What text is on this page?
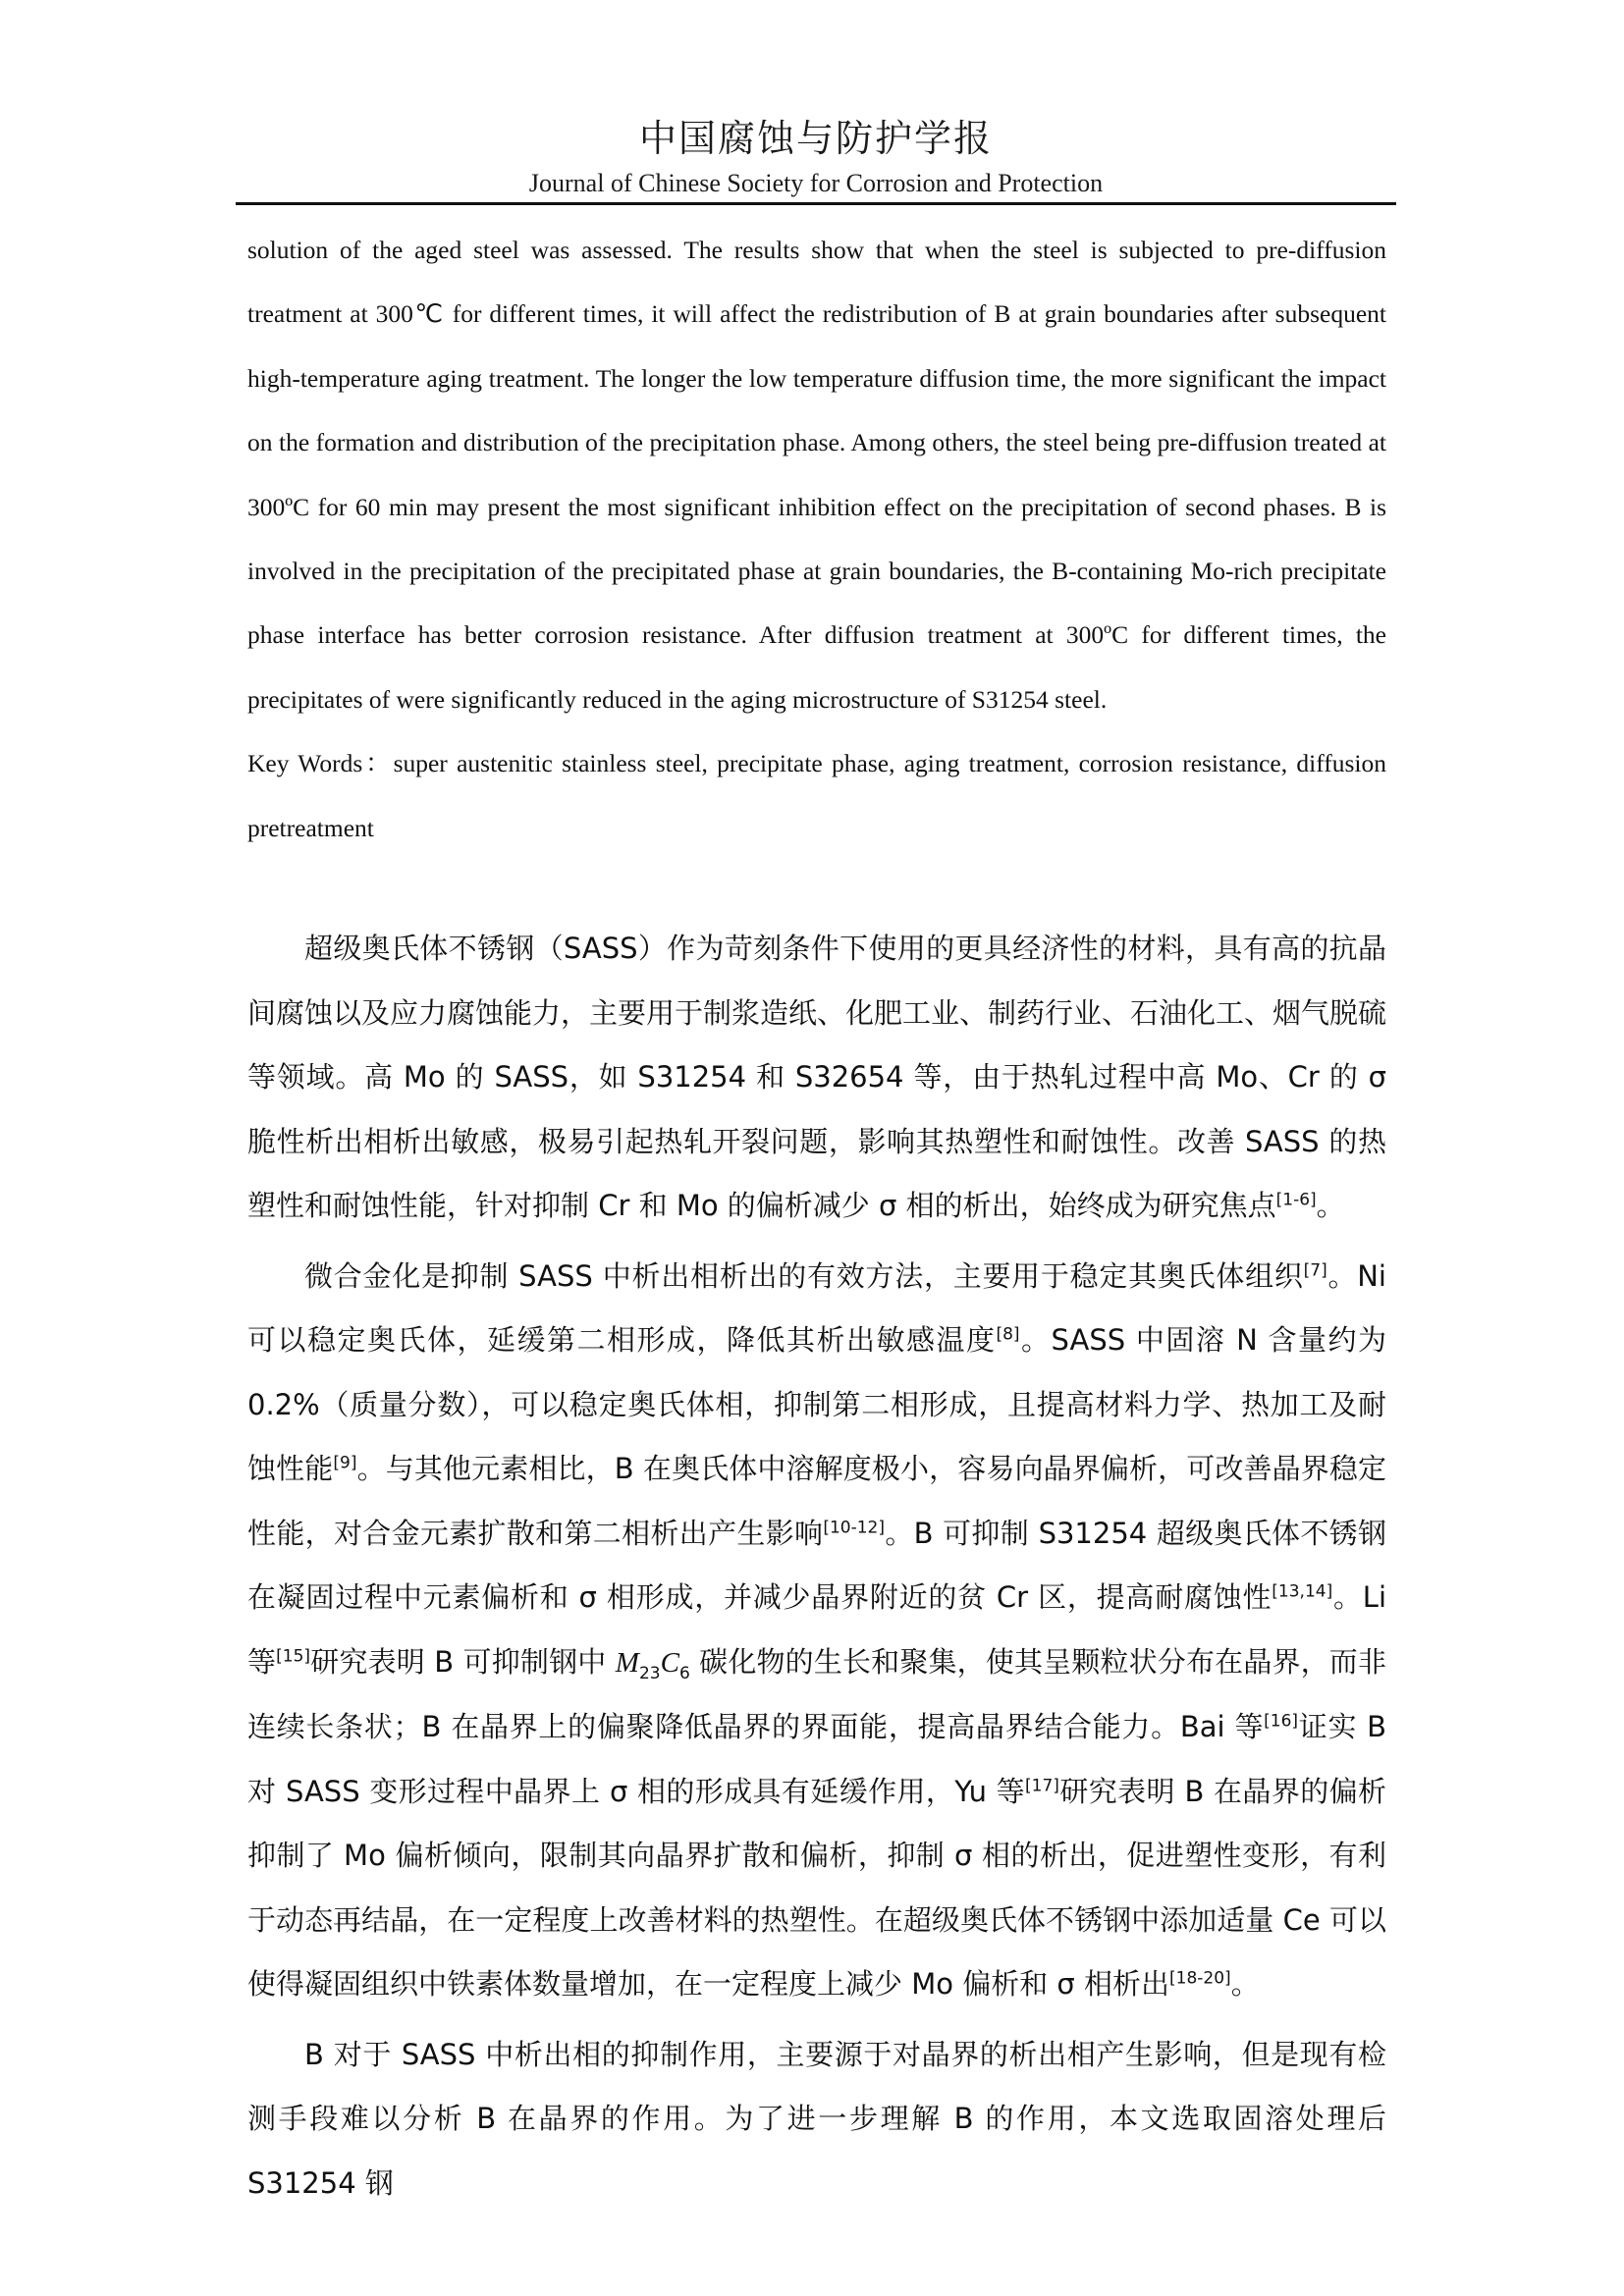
中国腐蚀与防护学报
Journal of Chinese Society for Corrosion and Protection

solution of the aged steel was assessed. The results show that when the steel is subjected to pre-diffusion treatment at 300℃ for different times, it will affect the redistribution of B at grain boundaries after subsequent high-temperature aging treatment. The longer the low temperature diffusion time, the more significant the impact on the formation and distribution of the precipitation phase. Among others, the steel being pre-diffusion treated at 300ºC for 60 min may present the most significant inhibition effect on the precipitation of second phases. B is involved in the precipitation of the precipitated phase at grain boundaries, the B-containing Mo-rich precipitate phase interface has better corrosion resistance. After diffusion treatment at 300ºC for different times, the precipitates of were significantly reduced in the aging microstructure of S31254 steel.

Key Words：super austenitic stainless steel, precipitate phase, aging treatment, corrosion resistance, diffusion pretreatment

超级奥氏体不锈钢（SASS）作为苛刻条件下使用的更具经济性的材料，具有高的抗晶间腐蚀以及应力腐蚀能力，主要用于制浆造纸、化肥工业、制药行业、石油化工、烟气脱硫等领域。高 Mo 的 SASS，如 S31254 和 S32654 等，由于热轧过程中高 Mo、Cr 的 σ 脆性析出相析出敏感，极易引起热轧开裂问题，影响其热塑性和耐蚀性。改善 SASS 的热塑性和耐蚀性能，针对抑制 Cr 和 Mo 的偏析减少 σ 相的析出，始终成为研究焦点[1-6]。

微合金化是抑制 SASS 中析出相析出的有效方法，主要用于稳定其奥氏体组织[7]。Ni 可以稳定奥氏体，延缓第二相形成，降低其析出敏感温度[8]。SASS 中固溶 N 含量约为 0.2%（质量分数），可以稳定奥氏体相，抑制第二相形成，且提高材料力学、热加工及耐蚀性能[9]。与其他元素相比，B 在奥氏体中溶解度极小，容易向晶界偏析，可改善晶界稳定性能，对合金元素扩散和第二相析出产生影响[10-12]。B 可抑制 S31254 超级奥氏体不锈钢在凝固过程中元素偏析和 σ 相形成，并减少晶界附近的贫 Cr 区，提高耐腐蚀性[13,14]。Li 等[15]研究表明 B 可抑制钢中 $M_{23}C_6$ 碳化物的生长和聚集，使其呈颗粒状分布在晶界，而非连续长条状；B 在晶界上的偏聚降低晶界的界面能，提高晶界结合能力。Bai 等[16]证实 B 对 SASS 变形过程中晶界上 σ 相的形成具有延缓作用，Yu 等[17]研究表明 B 在晶界的偏析抑制了 Mo 偏析倾向，限制其向晶界扩散和偏析，抑制 σ 相的析出，促进塑性变形，有利于动态再结晶，在一定程度上改善材料的热塑性。在超级奥氏体不锈钢中添加适量 Ce 可以使得凝固组织中铁素体数量增加，在一定程度上减少 Mo 偏析和 σ 相析出[18-20]。

B 对于 SASS 中析出相的抑制作用，主要源于对晶界的析出相产生影响，但是现有检测手段难以分析 B 在晶界的作用。为了进一步理解 B 的作用，本文选取固溶处理后 S31254 钢
